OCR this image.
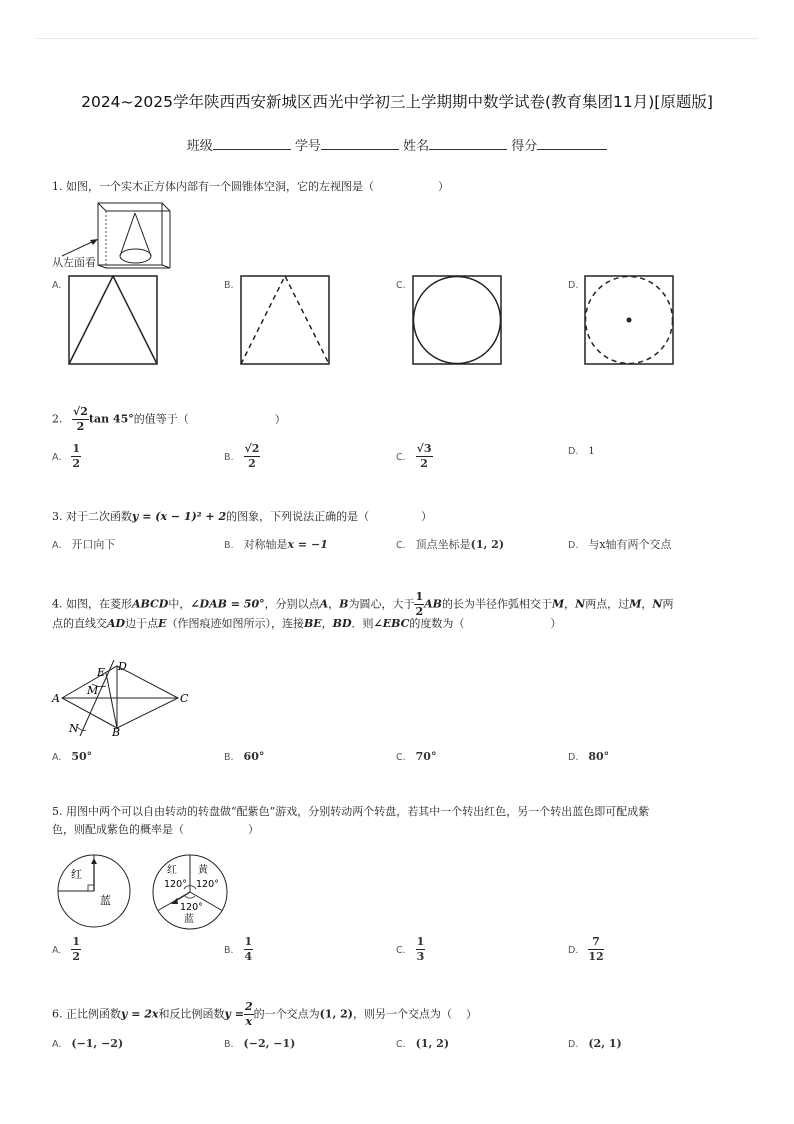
2024~2025学年陕西西安新城区西光中学初三上学期期中数学试卷(教育集团11月)[原题版]
班级	学号	姓名	得分
1. 如图，一个实木正方体内部有一个圆锥体空洞，它的左视图是（	）
从左面看
A.	B.	C.	D.
2. $\frac{√2}{2}$ tan 45°的值等于（	）
A. $\frac{1}{2}$	B. $\frac{√2}{2}$	C. $\frac{√3}{2}$	D. 1
3. 对于二次函数y = (x − 1)² + 2的图象，下列说法正确的是（	）
A. 开口向下	B. 对称轴是x = −1	C. 顶点坐标是(1, 2)	D. 与x轴有两个交点
4. 如图，在菱形ABCD中，∠DAB = 50°，分别以点A，B为圆心，大于 $\frac{1}{2}$ AB的长为半径作弧相交于M，N两点，过M，N两
点的直线交AD边于点E（作图痕迹如图所示），连接BE，BD．则∠EBC的度数为（	）
A	C
D
B
E
M
N
A. 50°	B. 60°	C. 70°	D. 80°
5. 用图中两个可以自由转动的转盘做“配紫色”游戏，分别转动两个转盘，若其中一个转出红色，另一个转出蓝色即可配成紫
色，则配成紫色的概率是（	）
红
蓝
红 黄
120° 120°
120°
蓝
A. $\frac{1}{2}$	B. $\frac{1}{4}$	C. $\frac{1}{3}$	D. $\frac{7}{12}$
6. 正比例函数y = 2x和反比例函数$y = \frac{2}{x}$ 的一个交点为(1, 2)，则另一个交点为（ ）
A. (−1, −2)	B. (−2, −1)	C. (1, 2)	D. (2, 1)
